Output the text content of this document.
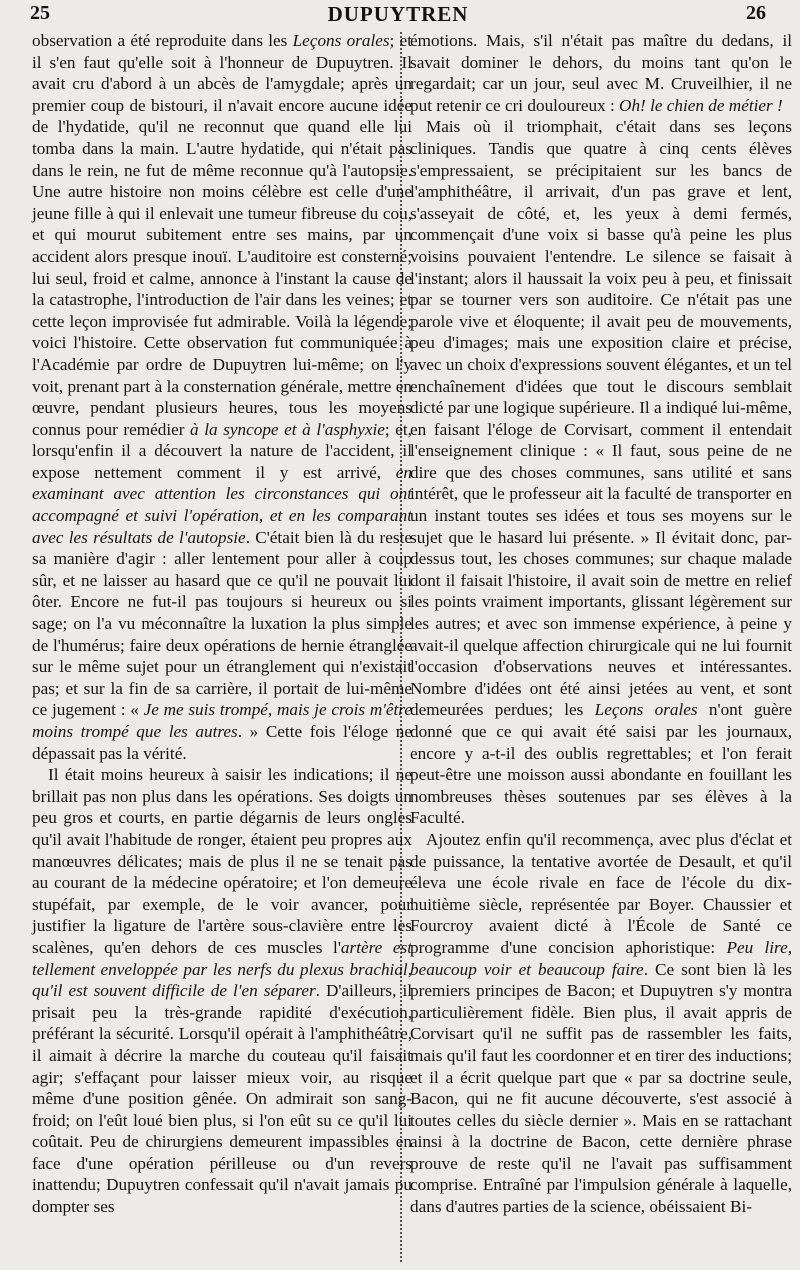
25	DUPUYTREN	26

observation a été reproduite dans les Leçons orales; et il s'en faut qu'elle soit à l'honneur de Dupuytren. Il avait cru d'abord à un abcès de l'amygdale; après un premier coup de bistouri, il n'avait encore aucune idée de l'hydatide, qu'il ne reconnut que quand elle lui tomba dans la main. L'autre hydatide, qui n'était pas dans le rein, ne fut de même reconnue qu'à l'autopsie. Une autre histoire non moins célèbre est celle d'une jeune fille à qui il enlevait une tumeur fibreuse du cou, et qui mourut subitement entre ses mains, par un accident alors presque inouï. L'auditoire est consterné; lui seul, froid et calme, annonce à l'instant la cause de la catastrophe, l'introduction de l'air dans les veines; et cette leçon improvisée fut admirable. Voilà la légende; voici l'histoire. Cette observation fut communiquée à l'Académie par ordre de Dupuytren lui-même; on l'y voit, prenant part à la consternation générale, mettre en œuvre, pendant plusieurs heures, tous les moyens connus pour remédier à la syncope et à l'asphyxie; et, lorsqu'enfin il a découvert la nature de l'accident, il expose nettement comment il y est arrivé, en examinant avec attention les circonstances qui ont accompagné et suivi l'opération, et en les comparant avec les résultats de l'autopsie. C'était bien là du reste sa manière d'agir : aller lentement pour aller à coup sûr, et ne laisser au hasard que ce qu'il ne pouvait lui ôter. Encore ne fut-il pas toujours si heureux ou si sage; on l'a vu méconnaître la luxation la plus simple de l'humérus; faire deux opérations de hernie étranglée sur le même sujet pour un étranglement qui n'existait pas; et sur la fin de sa carrière, il portait de lui-même ce jugement : « Je me suis trompé, mais je crois m'être moins trompé que les autres. » Cette fois l'éloge ne dépassait pas la vérité.

Il était moins heureux à saisir les indications; il ne brillait pas non plus dans les opérations. Ses doigts un peu gros et courts, en partie dégarnis de leurs ongles qu'il avait l'habitude de ronger, étaient peu propres aux manœuvres délicates; mais de plus il ne se tenait pas au courant de la médecine opératoire; et l'on demeure stupéfait, par exemple, de le voir avancer, pour justifier la ligature de l'artère sous-clavière entre les scalènes, qu'en dehors de ces muscles l'artère est tellement enveloppée par les nerfs du plexus brachial, qu'il est souvent difficile de l'en séparer. D'ailleurs, il prisait peu la très-grande rapidité d'exécution, préférant la sécurité. Lorsqu'il opérait à l'amphithéâtre, il aimait à décrire la marche du couteau qu'il faisait agir; s'effaçant pour laisser mieux voir, au risque même d'une position gênée. On admirait son sang-froid; on l'eût loué bien plus, si l'on eût su ce qu'il lui coûtait. Peu de chirurgiens demeurent impassibles en face d'une opération périlleuse ou d'un revers inattendu; Dupuytren confessait qu'il n'avait jamais pu dompter ses

émotions. Mais, s'il n'était pas maître du dedans, il savait dominer le dehors, du moins tant qu'on le regardait; car un jour, seul avec M. Cruveilhier, il ne put retenir ce cri douloureux : Oh! le chien de métier !

Mais où il triomphait, c'était dans ses leçons cliniques. Tandis que quatre à cinq cents élèves s'empressaient, se précipitaient sur les bancs de l'amphithéâtre, il arrivait, d'un pas grave et lent, s'asseyait de côté, et, les yeux à demi fermés, commençait d'une voix si basse qu'à peine les plus voisins pouvaient l'entendre. Le silence se faisait à l'instant; alors il haussait la voix peu à peu, et finissait par se tourner vers son auditoire. Ce n'était pas une parole vive et éloquente; il avait peu de mouvements, peu d'images; mais une exposition claire et précise, avec un choix d'expressions souvent élégantes, et un tel enchaînement d'idées que tout le discours semblait dicté par une logique supérieure. Il a indiqué lui-même, en faisant l'éloge de Corvisart, comment il entendait l'enseignement clinique : « Il faut, sous peine de ne dire que des choses communes, sans utilité et sans intérêt, que le professeur ait la faculté de transporter en un instant toutes ses idées et tous ses moyens sur le sujet que le hasard lui présente. » Il évitait donc, par-dessus tout, les choses communes; sur chaque malade dont il faisait l'histoire, il avait soin de mettre en relief les points vraiment importants, glissant légèrement sur les autres; et avec son immense expérience, à peine y avait-il quelque affection chirurgicale qui ne lui fournit l'occasion d'observations neuves et intéressantes. Nombre d'idées ont été ainsi jetées au vent, et sont demeurées perdues; les Leçons orales n'ont guère donné que ce qui avait été saisi par les journaux, encore y a-t-il des oublis regrettables; et l'on ferait peut-être une moisson aussi abondante en fouillant les nombreuses thèses soutenues par ses élèves à la Faculté.

Ajoutez enfin qu'il recommença, avec plus d'éclat et de puissance, la tentative avortée de Desault, et qu'il éleva une école rivale en face de l'école du dix-huitième siècle, représentée par Boyer. Chaussier et Fourcroy avaient dicté à l'École de Santé ce programme d'une concision aphoristique: Peu lire, beaucoup voir et beaucoup faire. Ce sont bien là les premiers principes de Bacon; et Dupuytren s'y montra particulièrement fidèle. Bien plus, il avait appris de Corvisart qu'il ne suffit pas de rassembler les faits, mais qu'il faut les coordonner et en tirer des inductions; et il a écrit quelque part que « par sa doctrine seule, Bacon, qui ne fit aucune découverte, s'est associé à toutes celles du siècle dernier ». Mais en se rattachant ainsi à la doctrine de Bacon, cette dernière phrase prouve de reste qu'il ne l'avait pas suffisamment comprise. Entraîné par l'impulsion générale à laquelle, dans d'autres parties de la science, obéissaient Bi-
